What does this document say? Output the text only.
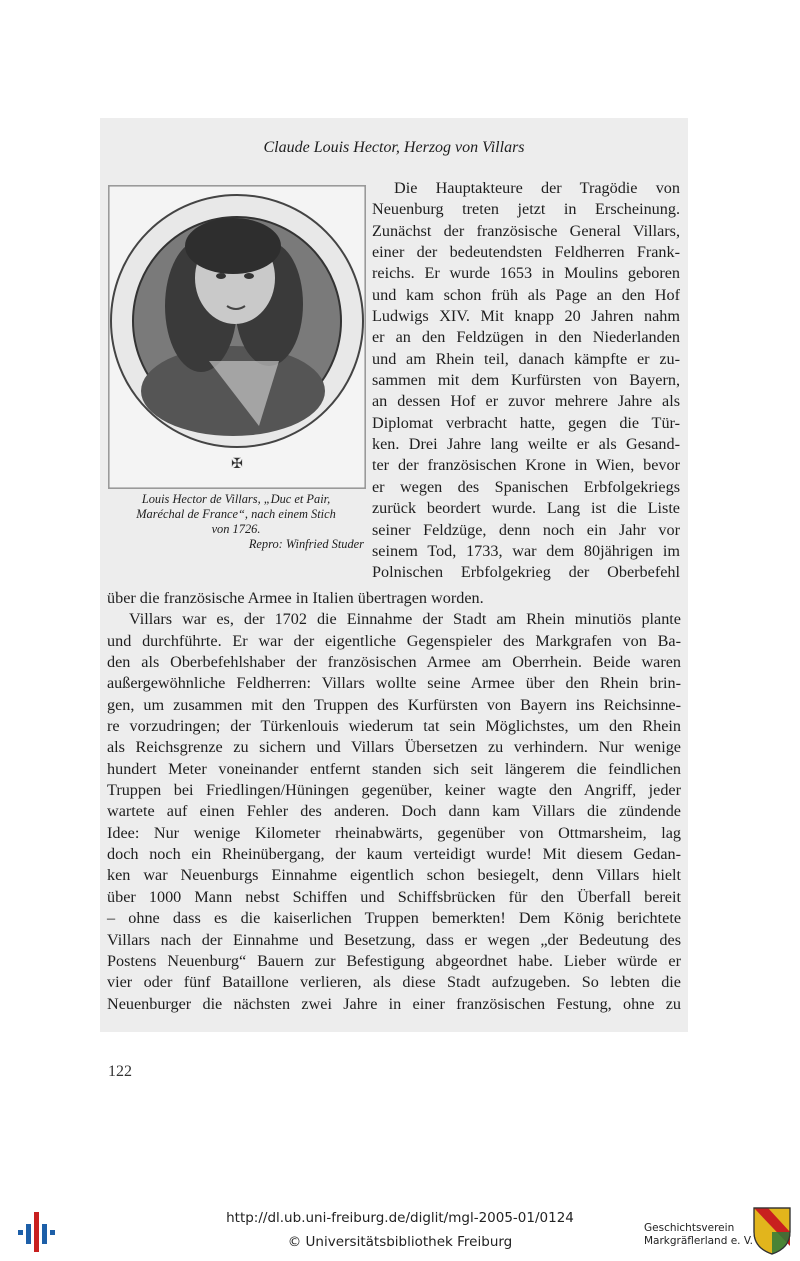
Claude Louis Hector, Herzog von Villars
✠
Louis Hector de Villars, „Duc et Pair,
Maréchal de France“, nach einem Stich
von 1726.
Repro: Winfried Studer
Die Hauptakteure der Tragödie von
Neuenburg treten jetzt in Erscheinung.
Zunächst der französische General Villars,
einer der bedeutendsten Feldherren Frank-
reichs. Er wurde 1653 in Moulins geboren
und kam schon früh als Page an den Hof
Ludwigs XIV. Mit knapp 20 Jahren nahm
er an den Feldzügen in den Niederlanden
und am Rhein teil, danach kämpfte er zu-
sammen mit dem Kurfürsten von Bayern,
an dessen Hof er zuvor mehrere Jahre als
Diplomat verbracht hatte, gegen die Tür-
ken. Drei Jahre lang weilte er als Gesand-
ter der französischen Krone in Wien, bevor
er wegen des Spanischen Erbfolgekriegs
zurück beordert wurde. Lang ist die Liste
seiner Feldzüge, denn noch ein Jahr vor
seinem Tod, 1733, war dem 80jährigen im
Polnischen Erbfolgekrieg der Oberbefehl
über die französische Armee in Italien übertragen worden.
Villars war es, der 1702 die Einnahme der Stadt am Rhein minutiös plante
und durchführte. Er war der eigentliche Gegenspieler des Markgrafen von Ba-
den als Oberbefehlshaber der französischen Armee am Oberrhein. Beide waren
außergewöhnliche Feldherren: Villars wollte seine Armee über den Rhein brin-
gen, um zusammen mit den Truppen des Kurfürsten von Bayern ins Reichsinne-
re vorzudringen; der Türkenlouis wiederum tat sein Möglichstes, um den Rhein
als Reichsgrenze zu sichern und Villars Übersetzen zu verhindern. Nur wenige
hundert Meter voneinander entfernt standen sich seit längerem die feindlichen
Truppen bei Friedlingen/Hüningen gegenüber, keiner wagte den Angriff, jeder
wartete auf einen Fehler des anderen. Doch dann kam Villars die zündende
Idee: Nur wenige Kilometer rheinabwärts, gegenüber von Ottmarsheim, lag
doch noch ein Rheinübergang, der kaum verteidigt wurde! Mit diesem Gedan-
ken war Neuenburgs Einnahme eigentlich schon besiegelt, denn Villars hielt
über 1000 Mann nebst Schiffen und Schiffsbrücken für den Überfall bereit
– ohne dass es die kaiserlichen Truppen bemerkten! Dem König berichtete
Villars nach der Einnahme und Besetzung, dass er wegen „der Bedeutung des
Postens Neuenburg“ Bauern zur Befestigung abgeordnet habe. Lieber würde er
vier oder fünf Bataillone verlieren, als diese Stadt aufzugeben. So lebten die
Neuenburger die nächsten zwei Jahre in einer französischen Festung, ohne zu
122
http://dl.ub.uni-freiburg.de/diglit/mgl-2005-01/0124
© Universitätsbibliothek Freiburg
Geschichtsverein
Markgräflerland e. V.
